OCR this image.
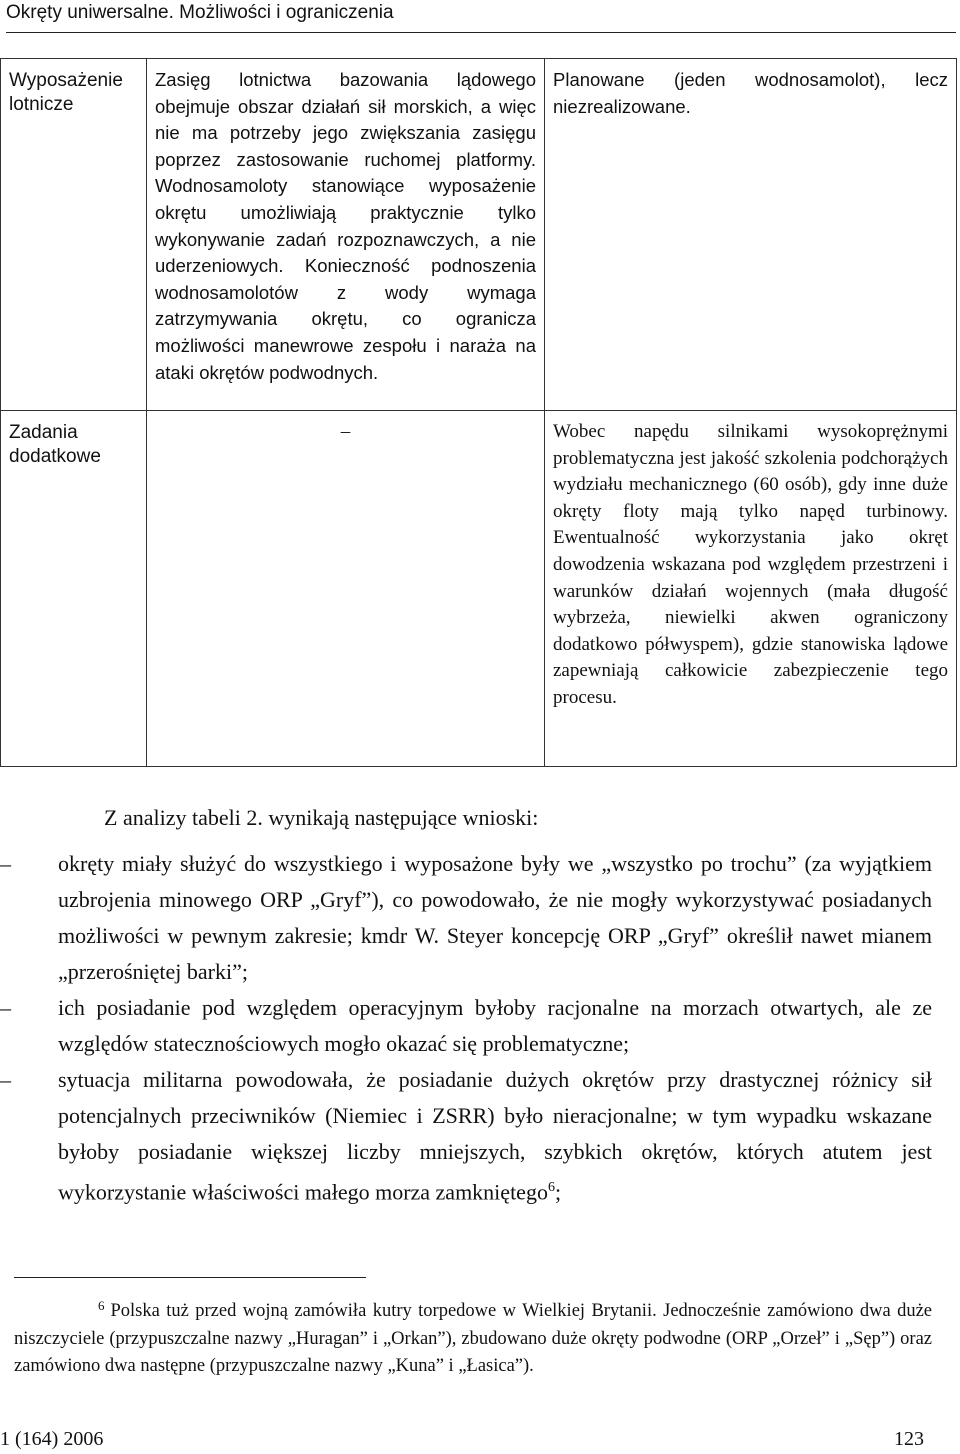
Okręty uniwersalne. Możliwości i ograniczenia
Wyposażenie lotnicze	Zasięg lotnictwa bazowania lądowego obejmuje obszar działań sił morskich, a więc nie ma potrzeby jego zwiększania zasięgu poprzez zastosowanie ruchomej platformy. Wodnosamoloty stanowiące wyposażenie okrętu umożliwiają praktycznie tylko wykonywanie zadań rozpoznawczych, a nie uderzeniowych. Konieczność podnoszenia wodnosamolotów z wody wymaga zatrzymywania okrętu, co ogranicza możliwości manewrowe zespołu i naraża na ataki okrętów podwodnych.	Planowane (jeden wodnosamolot), lecz niezrealizowane.
Zadania dodatkowe	–	Wobec napędu silnikami wysokoprężnymi problematyczna jest jakość szkolenia podchorążych wydziału mechanicznego (60 osób), gdy inne duże okręty floty mają tylko napęd turbinowy. Ewentualność wykorzystania jako okręt dowodzenia wskazana pod względem przestrzeni i warunków działań wojennych (mała długość wybrzeża, niewielki akwen ograniczony dodatkowo półwyspem), gdzie stanowiska lądowe zapewniają całkowicie zabezpieczenie tego procesu.

Z analizy tabeli 2. wynikają następujące wnioski:

–	okręty miały służyć do wszystkiego i wyposażone były we „wszystko po trochu” (za wyjątkiem uzbrojenia minowego ORP „Gryf”), co powodowało, że nie mogły wykorzystywać posiadanych możliwości w pewnym zakresie; kmdr W. Steyer koncepcję ORP „Gryf” określił nawet mianem „przerośniętej barki”;
–	ich posiadanie pod względem operacyjnym byłoby racjonalne na morzach otwartych, ale ze względów statecznościowych mogło okazać się problematyczne;
–	sytuacja militarna powodowała, że posiadanie dużych okrętów przy drastycznej różnicy sił potencjalnych przeciwników (Niemiec i ZSRR) było nieracjonalne; w tym wypadku wskazane byłoby posiadanie większej liczby mniejszych, szybkich okrętów, których atutem jest wykorzystanie właściwości małego morza zamkniętego$^6$;
$^6$ Polska tuż przed wojną zamówiła kutry torpedowe w Wielkiej Brytanii. Jednocześnie zamówiono dwa duże niszczyciele (przypuszczalne nazwy „Huragan” i „Orkan”), zbudowano duże okręty podwodne (ORP „Orzeł” i „Sęp”) oraz zamówiono dwa następne (przypuszczalne nazwy „Kuna” i „Łasica”).
1 (164) 2006	123
